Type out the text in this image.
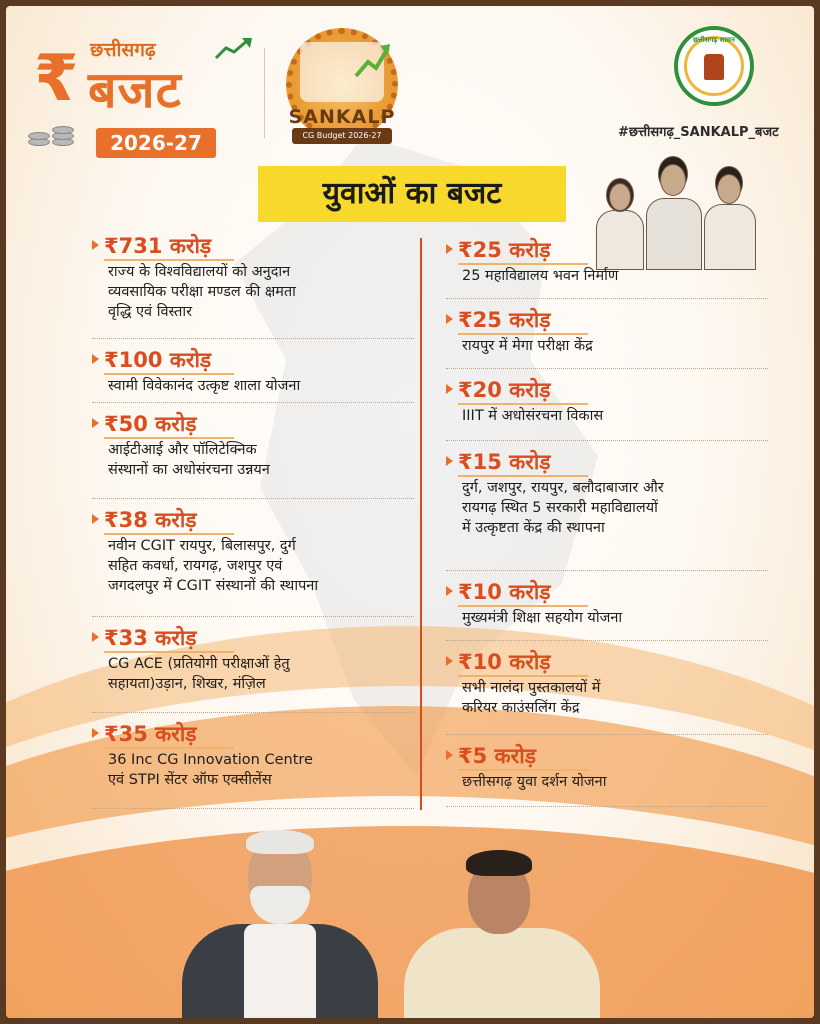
₹ छत्तीसगढ़
बजट
2026-27
SANKALP
CG Budget 2026-27
छत्तीसगढ़ शासन
#छत्तीसगढ़_SANKALP_बजट
युवाओं का बजट
₹731 करोड़
राज्य के विश्वविद्यालयों को अनुदान
व्यवसायिक परीक्षा मण्डल की क्षमता
वृद्धि एवं विस्तार
₹100 करोड़
स्वामी विवेकानंद उत्कृष्ट शाला योजना
₹50 करोड़
आईटीआई और पॉलिटेक्निक
संस्थानों का अधोसंरचना उन्नयन
₹38 करोड़
नवीन CGIT रायपुर, बिलासपुर, दुर्ग
सहित कवर्धा, रायगढ़, जशपुर एवं
जगदलपुर में CGIT संस्थानों की स्थापना
₹33 करोड़
CG ACE (प्रतियोगी परीक्षाओं हेतु
सहायता)उड़ान, शिखर, मंज़िल
₹35 करोड़
36 Inc CG Innovation Centre
एवं STPI सेंटर ऑफ एक्सीलेंस
₹25 करोड़
25 महाविद्यालय भवन निर्माण
₹25 करोड़
रायपुर में मेगा परीक्षा केंद्र
₹20 करोड़
IIIT में अधोसंरचना विकास
₹15 करोड़
दुर्ग, जशपुर, रायपुर, बलौदाबाजार और
रायगढ़ स्थित 5 सरकारी महाविद्यालयों
में उत्कृष्टता केंद्र की स्थापना
₹10 करोड़
मुख्यमंत्री शिक्षा सहयोग योजना
₹10 करोड़
सभी नालंदा पुस्तकालयों में
करियर काउंसलिंग केंद्र
₹5 करोड़
छत्तीसगढ़ युवा दर्शन योजना
